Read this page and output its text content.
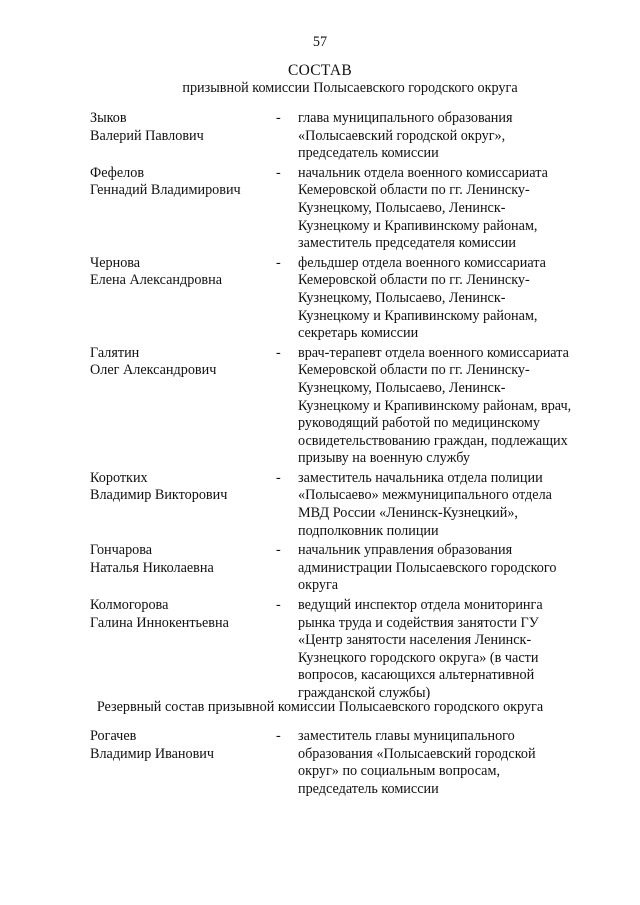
57
СОСТАВ
призывной комиссии Полысаевского городского округа
Зыков
Валерий Павлович
-	глава муниципального образования
«Полысаевский городской округ»,
председатель комиссии
Фефелов
Геннадий Владимирович
-	начальник отдела военного комиссариата
Кемеровской области по гг. Ленинску-
Кузнецкому, Полысаево, Ленинск-
Кузнецкому и Крапивинскому районам,
заместитель председателя комиссии
Чернова
Елена Александровна
-	фельдшер отдела военного комиссариата
Кемеровской области по гг. Ленинску-
Кузнецкому, Полысаево, Ленинск-
Кузнецкому и Крапивинскому районам,
секретарь комиссии
Галятин
Олег Александрович
-	врач-терапевт отдела военного комиссариата
Кемеровской области по гг. Ленинску-
Кузнецкому, Полысаево, Ленинск-
Кузнецкому и Крапивинскому районам, врач,
руководящий работой по медицинскому
освидетельствованию граждан, подлежащих
призыву на военную службу
Коротких
Владимир Викторович
-	заместитель начальника отдела полиции
«Полысаево» межмуниципального отдела
МВД России «Ленинск-Кузнецкий»,
подполковник полиции
Гончарова
Наталья Николаевна
-	начальник управления образования
администрации Полысаевского городского
округа
Колмогорова
Галина Иннокентьевна
-	ведущий инспектор отдела мониторинга
рынка труда и содействия занятости ГУ
«Центр занятости населения Ленинск-
Кузнецкого городского округа» (в части
вопросов, касающихся альтернативной
гражданской службы)
Резервный состав призывной комиссии Полысаевского городского округа
Рогачев
Владимир Иванович
-	заместитель главы муниципального
образования «Полысаевский городской
округ» по социальным вопросам,
председатель комиссии
